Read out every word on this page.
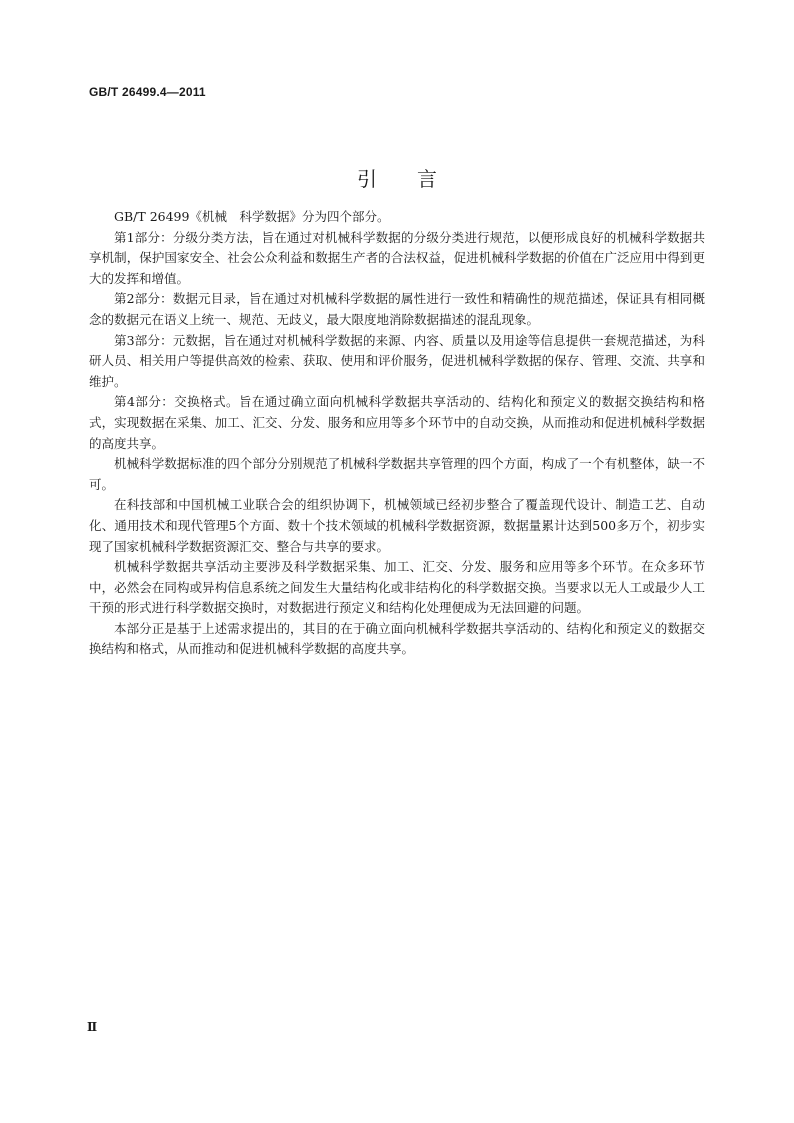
GB/T 26499.4—2011
引 言

GB/T 26499《机械　科学数据》分为四个部分。

第1部分：分级分类方法，旨在通过对机械科学数据的分级分类进行规范，以便形成良好的机械科学数据共享机制，保护国家安全、社会公众利益和数据生产者的合法权益，促进机械科学数据的价值在广泛应用中得到更大的发挥和增值。

第2部分：数据元目录，旨在通过对机械科学数据的属性进行一致性和精确性的规范描述，保证具有相同概念的数据元在语义上统一、规范、无歧义，最大限度地消除数据描述的混乱现象。

第3部分：元数据，旨在通过对机械科学数据的来源、内容、质量以及用途等信息提供一套规范描述，为科研人员、相关用户等提供高效的检索、获取、使用和评价服务，促进机械科学数据的保存、管理、交流、共享和维护。

第4部分：交换格式。旨在通过确立面向机械科学数据共享活动的、结构化和预定义的数据交换结构和格式，实现数据在采集、加工、汇交、分发、服务和应用等多个环节中的自动交换，从而推动和促进机械科学数据的高度共享。

机械科学数据标准的四个部分分别规范了机械科学数据共享管理的四个方面，构成了一个有机整体，缺一不可。

在科技部和中国机械工业联合会的组织协调下，机械领域已经初步整合了覆盖现代设计、制造工艺、自动化、通用技术和现代管理5个方面、数十个技术领域的机械科学数据资源，数据量累计达到500多万个，初步实现了国家机械科学数据资源汇交、整合与共享的要求。

机械科学数据共享活动主要涉及科学数据采集、加工、汇交、分发、服务和应用等多个环节。在众多环节中，必然会在同构或异构信息系统之间发生大量结构化或非结构化的科学数据交换。当要求以无人工或最少人工干预的形式进行科学数据交换时，对数据进行预定义和结构化处理便成为无法回避的问题。

本部分正是基于上述需求提出的，其目的在于确立面向机械科学数据共享活动的、结构化和预定义的数据交换结构和格式，从而推动和促进机械科学数据的高度共享。

Ⅱ
